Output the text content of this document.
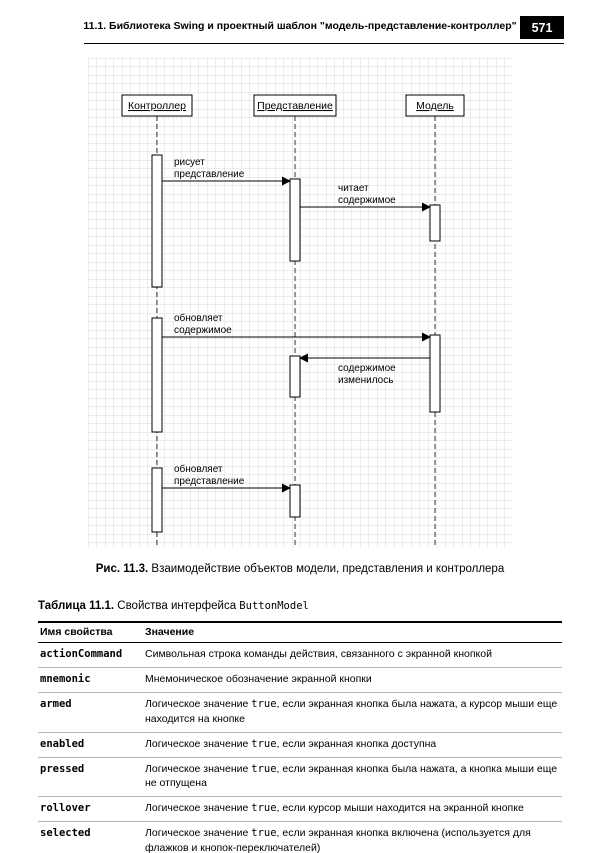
11.1. Библиотека Swing и проектный шаблон "модель-представление-контроллер"	571
Контроллер	Представление	Модель
рисует
представление
читает
содержимое
обновляет
содержимое
содержимое
изменилось
обновляет
представление
Рис. 11.3. Взаимодействие объектов модели, представления и контроллера
Таблица 11.1. Свойства интерфейса ButtonModel
Имя свойства	Значение
actionCommand	Символьная строка команды действия, связанного с экранной кнопкой
mnemonic	Мнемоническое обозначение экранной кнопки
armed	Логическое значение true, если экранная кнопка была нажата, а курсор мыши еще находится на кнопке
enabled	Логическое значение true, если экранная кнопка доступна
pressed	Логическое значение true, если экранная кнопка была нажата, а кнопка мыши еще не отпущена
rollover	Логическое значение true, если курсор мыши находится на экранной кнопке
selected	Логическое значение true, если экранная кнопка включена (используется для флажков и кнопок-переключателей)
